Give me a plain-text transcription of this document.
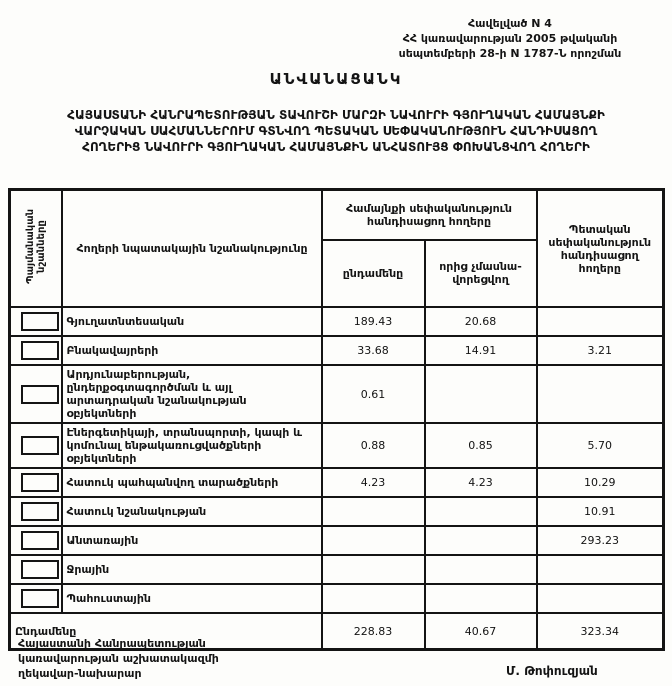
Հավելված N 4
ՀՀ կառավարության 2005 թվականի
սեպտեմբերի 28-ի N 1787-Ն որոշման
ԱՆՎԱՆԱՑԱՆԿ
ՀԱՅԱՍՏԱՆԻ ՀԱՆՐԱՊԵՏՈՒԹՅԱՆ ՏԱՎՈՒՇԻ ՄԱՐԶԻ ՆԱՎՈՒՐԻ ԳՅՈՒՂԱԿԱՆ ՀԱՄԱՅՆՔԻ
ՎԱՐՉԱԿԱՆ ՍԱՀՄԱՆՆԵՐՈՒՄ ԳՏՆՎՈՂ ՊԵՏԱԿԱՆ ՍԵՓԱԿԱՆՈՒԹՅՈՒՆ ՀԱՆԴԻՍԱՑՈՂ
ՀՈՂԵՐԻՑ ՆԱՎՈՒՐԻ ԳՅՈՒՂԱԿԱՆ ՀԱՄԱՅՆՔԻՆ ԱՆՀԱՏՈՒՅՑ ՓՈԽԱՆՑՎՈՂ ՀՈՂԵՐԻ
Պայմանական նշանները	Հողերի նպատակային նշանակությունը	Համայնքի սեփականություն հանդիսացող հողերը		Պետական սեփականություն հանդիսացող հողերը
		ընդամենը	որից չմասնա-վորեցվող	

	Գյուղատնտեսական	189.43	20.68	

	Բնակավայրերի	33.68	14.91	3.21

	Արդյունաբերության, ընդերքօգտագործման և այլ արտադրական նշանակության օբյեկտների	0.61		

	Էներգետիկայի, տրանսպորտի, կապի և կոմունալ ենթակառուցվածքների օբյեկտների	0.88	0.85	5.70

	Հատուկ պահպանվող տարածքների	4.23	4.23	10.29

	Հատուկ նշանակության			10.91

	Անտառային			293.23

	Ջրային			

	Պահուստային			
Ընդամենը		228.83	40.67	323.34
Հայաստանի Հանրապետության
կառավարության աշխատակազմի
ղեկավար-նախարար	Մ. Թոփուզյան
